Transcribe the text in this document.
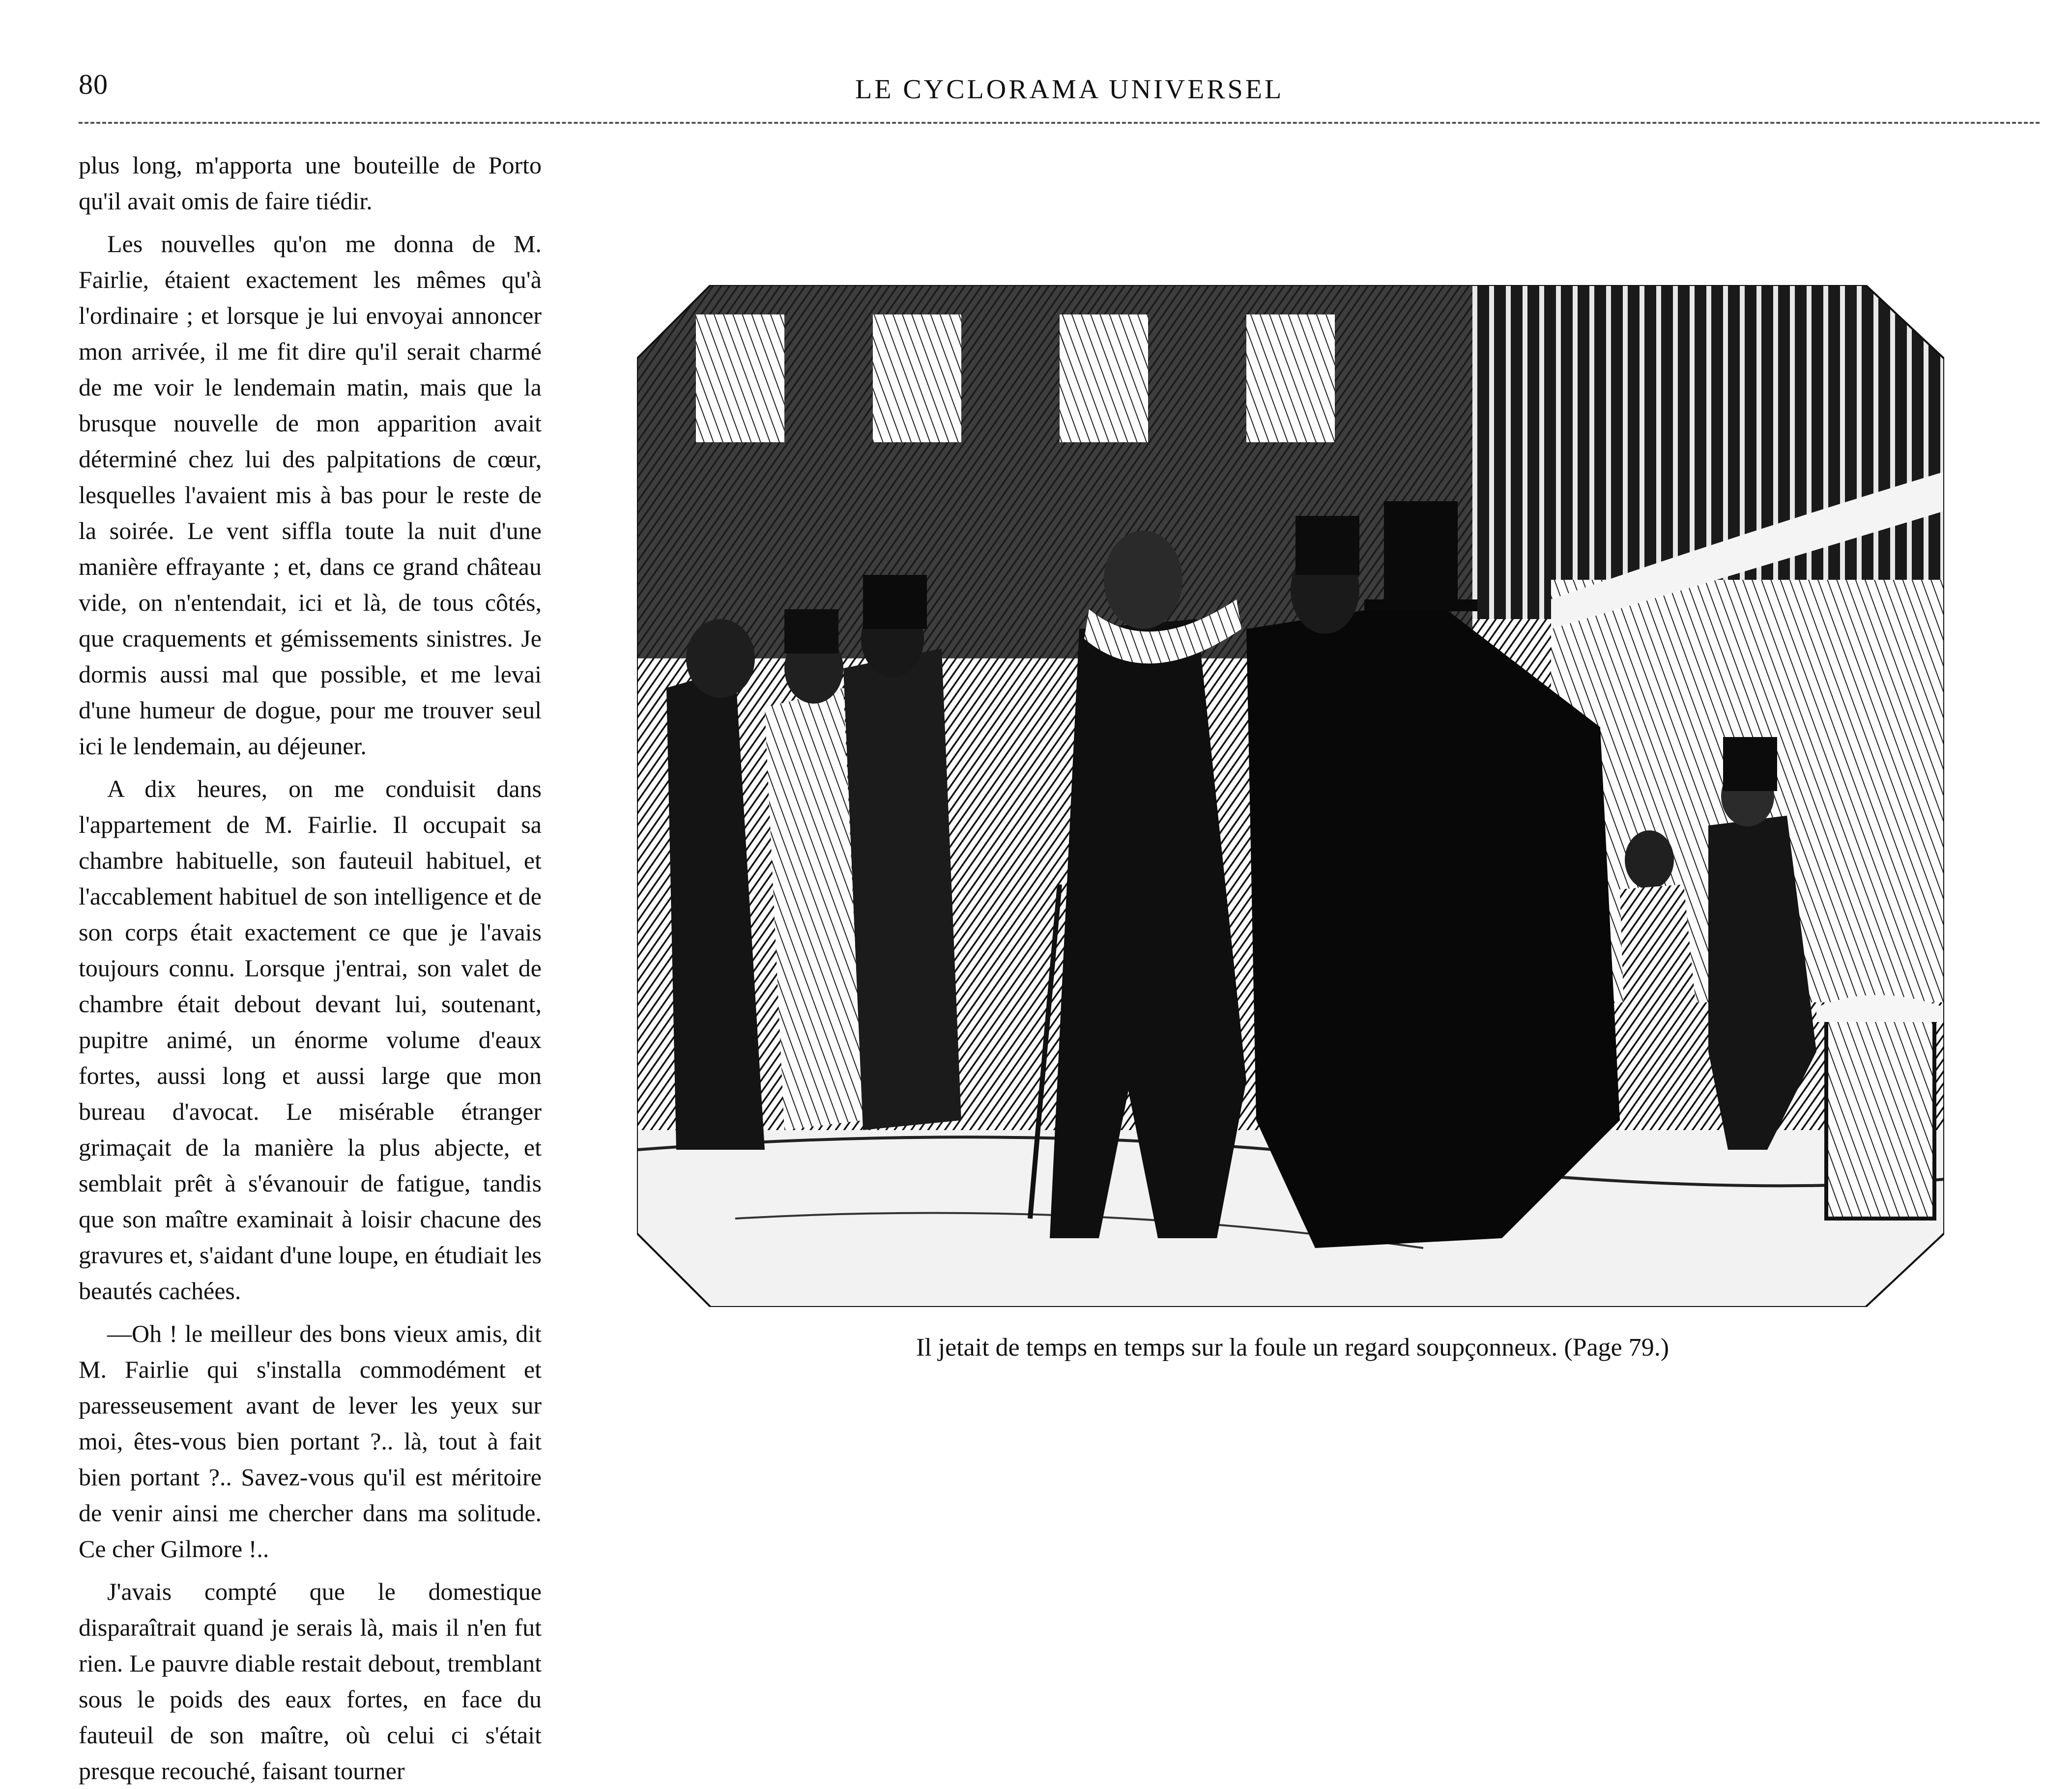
80	LE CYCLORAMA UNIVERSEL

plus long, m'apporta une bouteille de Porto qu'il avait omis de faire tiédir.

Les nouvelles qu'on me donna de M. Fairlie, étaient exactement les mêmes qu'à l'ordinaire ; et lorsque je lui envoyai annoncer mon arrivée, il me fit dire qu'il serait charmé de me voir le lendemain matin, mais que la brusque nouvelle de mon apparition avait déterminé chez lui des palpitations de cœur, lesquelles l'avaient mis à bas pour le reste de la soirée. Le vent siffla toute la nuit d'une manière effrayante ; et, dans ce grand château vide, on n'entendait, ici et là, de tous côtés, que craquements et gémissements sinistres. Je dormis aussi mal que possible, et me levai d'une humeur de dogue, pour me trouver seul ici le lendemain, au déjeuner.

A dix heures, on me conduisit dans l'appartement de M. Fairlie. Il occupait sa chambre habituelle, son fauteuil habituel, et l'accablement habituel de son intelligence et de son corps était exactement ce que je l'avais toujours connu. Lorsque j'entrai, son valet de chambre était debout devant lui, soutenant, pupitre animé, un énorme volume d'eaux fortes, aussi long et aussi large que mon bureau d'avocat. Le misérable étranger grimaçait de la manière la plus abjecte, et semblait prêt à s'évanouir de fatigue, tandis que son maître examinait à loisir chacune des gravures et, s'aidant d'une loupe, en étudiait les beautés cachées.

—Oh ! le meilleur des bons vieux amis, dit M. Fairlie qui s'installa commodément et paresseusement avant de lever les yeux sur moi, êtes-vous bien portant ?.. là, tout à fait bien portant ?.. Savez-vous qu'il est méritoire de venir ainsi me chercher dans ma solitude. Ce cher Gilmore !..

J'avais compté que le domestique disparaîtrait quand je serais là, mais il n'en fut rien. Le pauvre diable restait debout, tremblant sous le poids des eaux fortes, en face du fauteuil de son maître, où celui ci s'était presque recouché, faisant tourner

Il jetait de temps en temps sur la foule un regard soupçonneux. (Page 79.)
